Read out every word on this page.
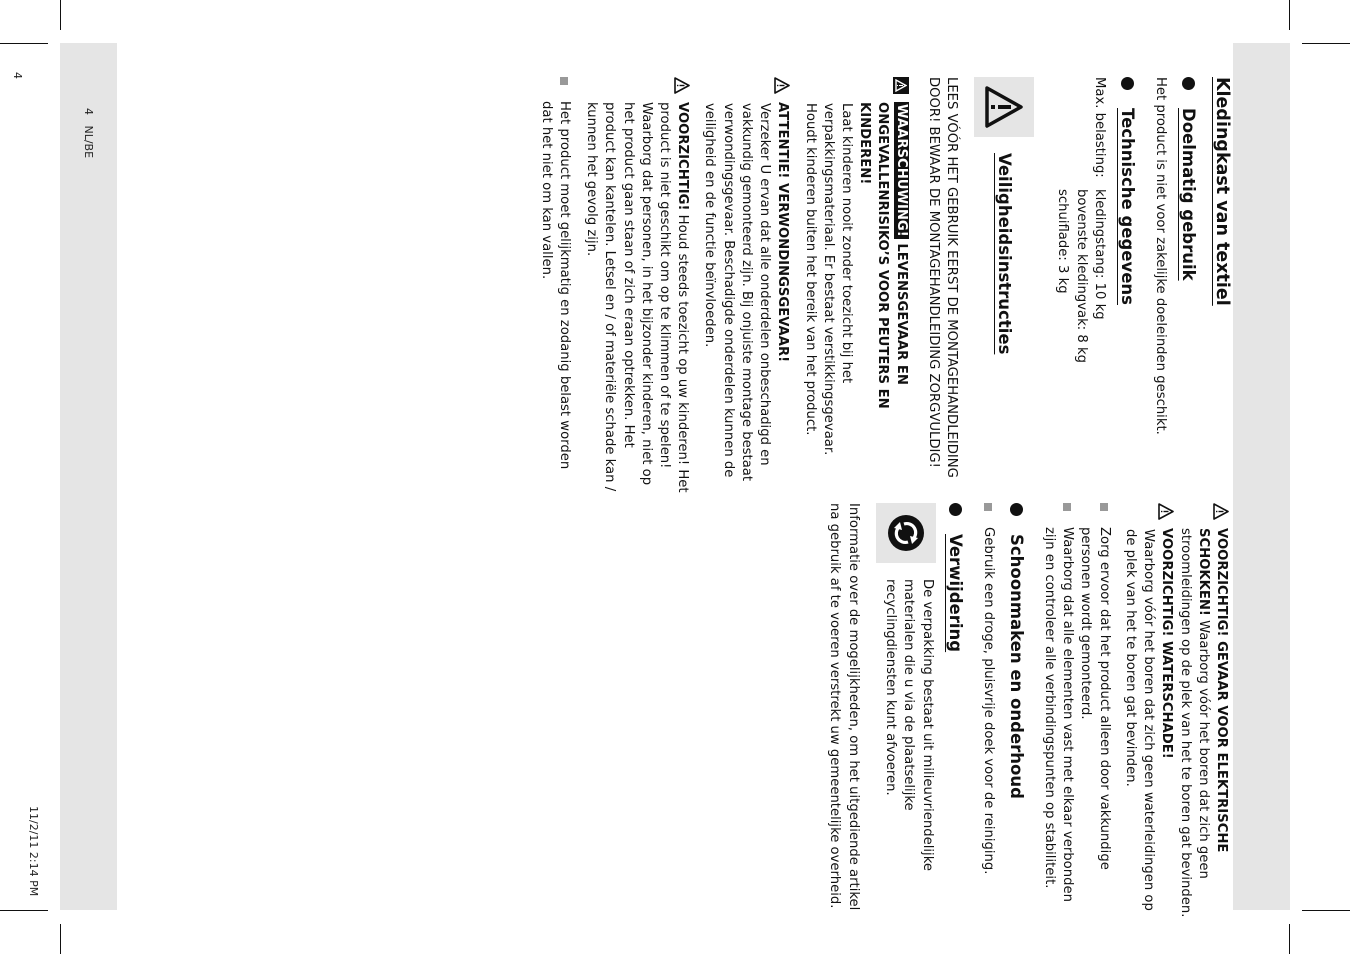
4
11/2/11 2:14 PM
4   NL/BE	Kledingkast van textiel
Doelmatig gebruik

Het product is niet voor zakelijke doeleinden geschikt.

Technische gegevens
Max. belasting:
kledingstang: 10 kg
bovenste kledingvak: 8 kg
schuiflade: 3 kg
Veiligheidsinstructies

LEES VÓÓR HET GEBRUIK EERST DE MONTAGEHANDLEIDING DOOR! BEWAAR DE MONTAGEHANDLEIDING ZORGVULDIG!

WAARSCHUWING! LEVENSGEVAAR EN ONGEVALLENRISIKO’S VOOR PEUTERS EN KINDEREN!

Laat kinderen nooit zonder toezicht bij het verpakkingsmateriaal. Er bestaat verstikkingsgevaar. Houdt kinderen buiten het bereik van het product.

ATTENTIE! VERWONDINGSGEVAAR!

Verzeker U ervan dat alle onderdelen onbeschadigd en vakkundig gemonteerd zijn. Bij onjuiste montage bestaat verwondingsgevaar. Beschadigde onderdelen kunnen de veiligheid en de functie beïnvloeden.

VOORZICHTIG! Houd steeds toezicht op uw kinderen! Het product is niet geschikt om op te klimmen of te spelen! Waarborg dat personen, in het bijzonder kinderen, niet op het product gaan staan of zich eraan optrekken. Het product kan kantelen. Letsel en / of materiële schade kan / kunnen het gevolg zijn.

Het product moet gelijkmatig en zodanig belast worden dat het niet om kan vallen.

VOORZICHTIG! GEVAAR VOOR ELEKTRISCHE SCHOKKEN! Waarborg vóór het boren dat zich geen stroomleidingen op de plek van het te boren gat bevinden.

VOORZICHTIG! WATERSCHADE!

Waarborg vóór het boren dat zich geen waterleidingen op de plek van het te boren gat bevinden.

Zorg ervoor dat het product alleen door vakkundige personen wordt gemonteerd.

Waarborg dat alle elementen vast met elkaar verbonden zijn en controleer alle verbindingspunten op stabiliteit.

Schoonmaken en onderhoud

Gebruik een droge, pluisvrije doek voor de reiniging.

Verwijdering

De verpakking bestaat uit milieuvriendelijke materialen die u via de plaatselijke recyclingdiensten kunt afvoeren.

Informatie over de mogelijkheden, om het uitgediende artikel na gebruik af te voeren verstrekt uw gemeentelijke overheid.
